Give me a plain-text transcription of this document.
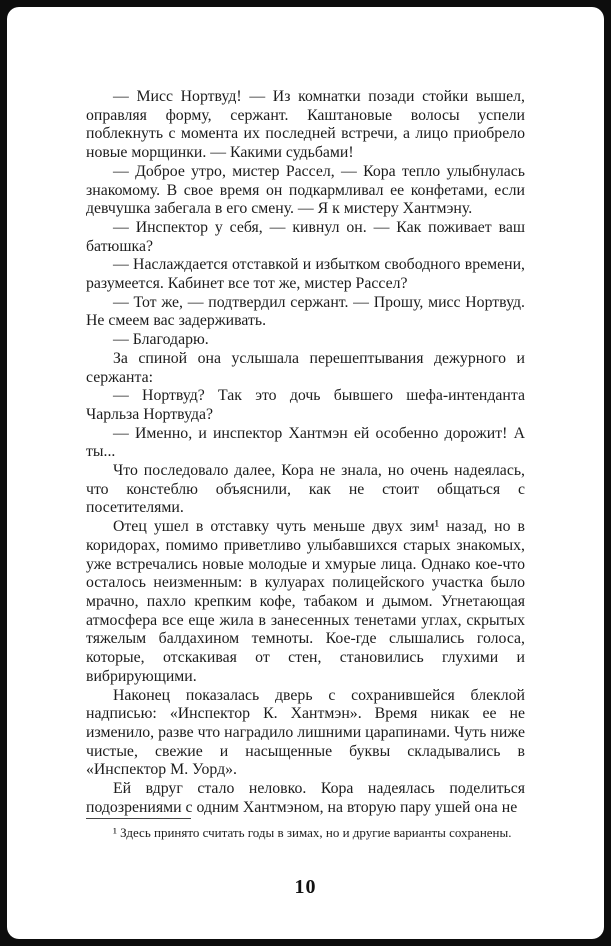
— Мисс Нортвуд! — Из комнатки позади стойки вышел, оправляя форму, сержант. Каштановые волосы успели поблекнуть с момента их последней встречи, а лицо приобрело новые морщинки. — Какими судьбами!

— Доброе утро, мистер Рассел, — Кора тепло улыбнулась знакомому. В свое время он подкармливал ее конфетами, если девчушка забегала в его смену. — Я к мистеру Хантмэну.

— Инспектор у себя, — кивнул он. — Как поживает ваш батюшка?

— Наслаждается отставкой и избытком свободного времени, разумеется. Кабинет все тот же, мистер Рассел?

— Тот же, — подтвердил сержант. — Прошу, мисс Нортвуд. Не смеем вас задерживать.

— Благодарю.

За спиной она услышала перешептывания дежурного и сержанта:

— Нортвуд? Так это дочь бывшего шефа-интенданта Чарльза Нортвуда?

— Именно, и инспектор Хантмэн ей особенно дорожит! А ты...

Что последовало далее, Кора не знала, но очень надеялась, что констеблю объяснили, как не стоит общаться с посетителями.

Отец ушел в отставку чуть меньше двух зим¹ назад, но в коридорах, помимо приветливо улыбавшихся старых знакомых, уже встречались новые молодые и хмурые лица. Однако кое-что осталось неизменным: в кулуарах полицейского участка было мрачно, пахло крепким кофе, табаком и дымом. Угнетающая атмосфера все еще жила в занесенных тенетами углах, скрытых тяжелым балдахином темноты. Кое-где слышались голоса, которые, отскакивая от стен, становились глухими и вибрирующими.

Наконец показалась дверь с сохранившейся блеклой надписью: «Инспектор К. Хантмэн». Время никак ее не изменило, разве что наградило лишними царапинами. Чуть ниже чистые, свежие и насыщенные буквы складывались в «Инспектор М. Уорд».

Ей вдруг стало неловко. Кора надеялась поделиться подозрениями с одним Хантмэном, на вторую пару ушей она не

¹ Здесь принято считать годы в зимах, но и другие варианты сохранены.

10
